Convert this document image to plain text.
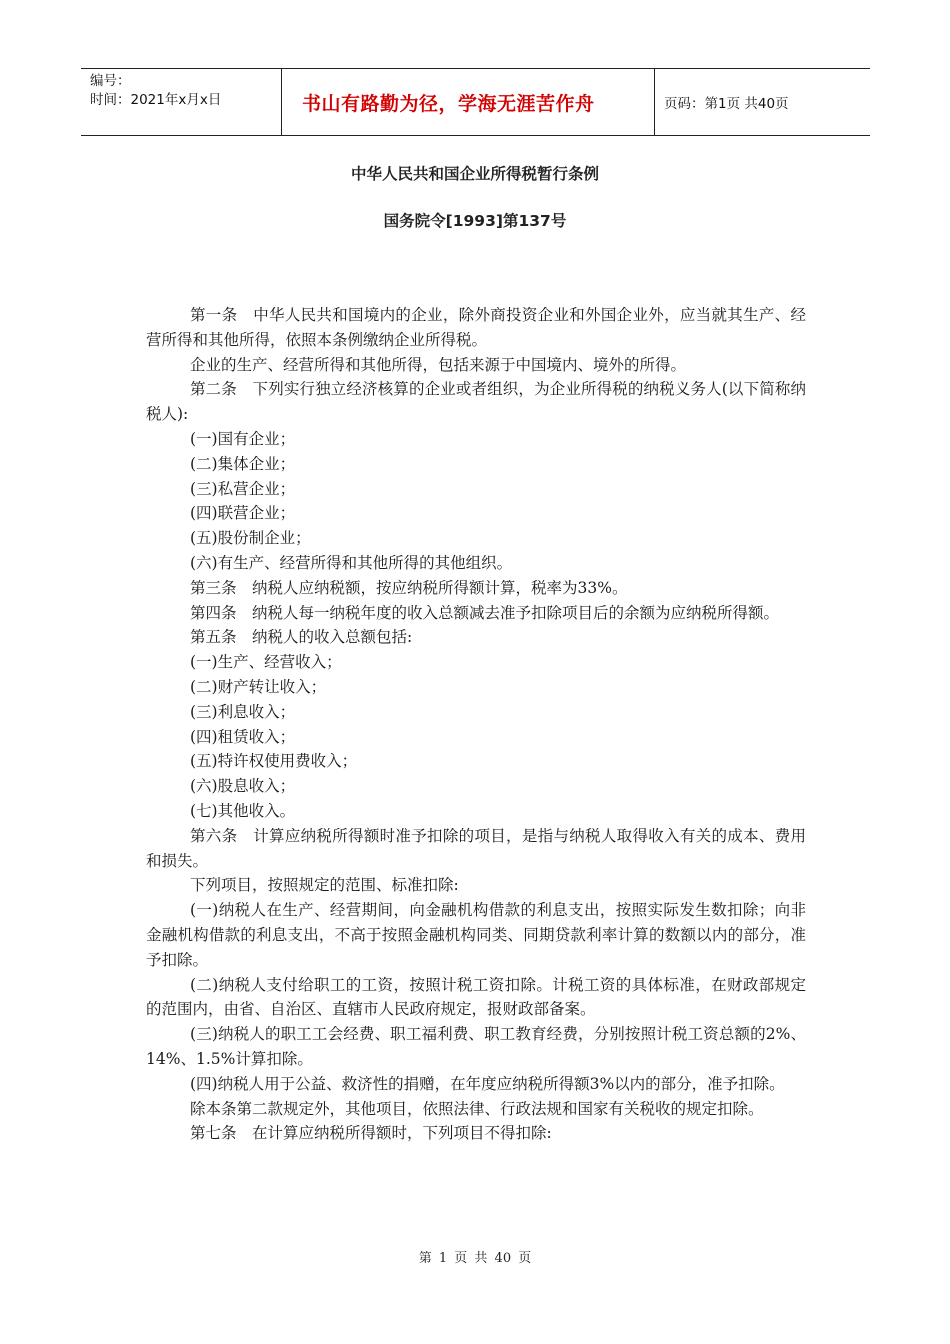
编号：
时间：2021年x月x日	书山有路勤为径，学海无涯苦作舟	页码：第1页 共40页
中华人民共和国企业所得税暂行条例
国务院令[1993]第137号

第一条　中华人民共和国境内的企业，除外商投资企业和外国企业外，应当就其生产、经营所得和其他所得，依照本条例缴纳企业所得税。

企业的生产、经营所得和其他所得，包括来源于中国境内、境外的所得。

第二条　下列实行独立经济核算的企业或者组织，为企业所得税的纳税义务人(以下简称纳税人):

(一)国有企业；

(二)集体企业；

(三)私营企业；

(四)联营企业；

(五)股份制企业；

(六)有生产、经营所得和其他所得的其他组织。

第三条　纳税人应纳税额，按应纳税所得额计算，税率为33%。

第四条　纳税人每一纳税年度的收入总额减去准予扣除项目后的余额为应纳税所得额。

第五条　纳税人的收入总额包括:

(一)生产、经营收入；

(二)财产转让收入；

(三)利息收入；

(四)租赁收入；

(五)特许权使用费收入；

(六)股息收入；

(七)其他收入。

第六条　计算应纳税所得额时准予扣除的项目，是指与纳税人取得收入有关的成本、费用和损失。

下列项目，按照规定的范围、标准扣除:

(一)纳税人在生产、经营期间，向金融机构借款的利息支出，按照实际发生数扣除；向非金融机构借款的利息支出，不高于按照金融机构同类、同期贷款利率计算的数额以内的部分，准予扣除。

(二)纳税人支付给职工的工资，按照计税工资扣除。计税工资的具体标准，在财政部规定的范围内，由省、自治区、直辖市人民政府规定，报财政部备案。

(三)纳税人的职工工会经费、职工福利费、职工教育经费，分别按照计税工资总额的2%、14%、1.5%计算扣除。

(四)纳税人用于公益、救济性的捐赠，在年度应纳税所得额3%以内的部分，准予扣除。

除本条第二款规定外，其他项目，依照法律、行政法规和国家有关税收的规定扣除。

第七条　在计算应纳税所得额时，下列项目不得扣除:

第 1 页 共 40 页
